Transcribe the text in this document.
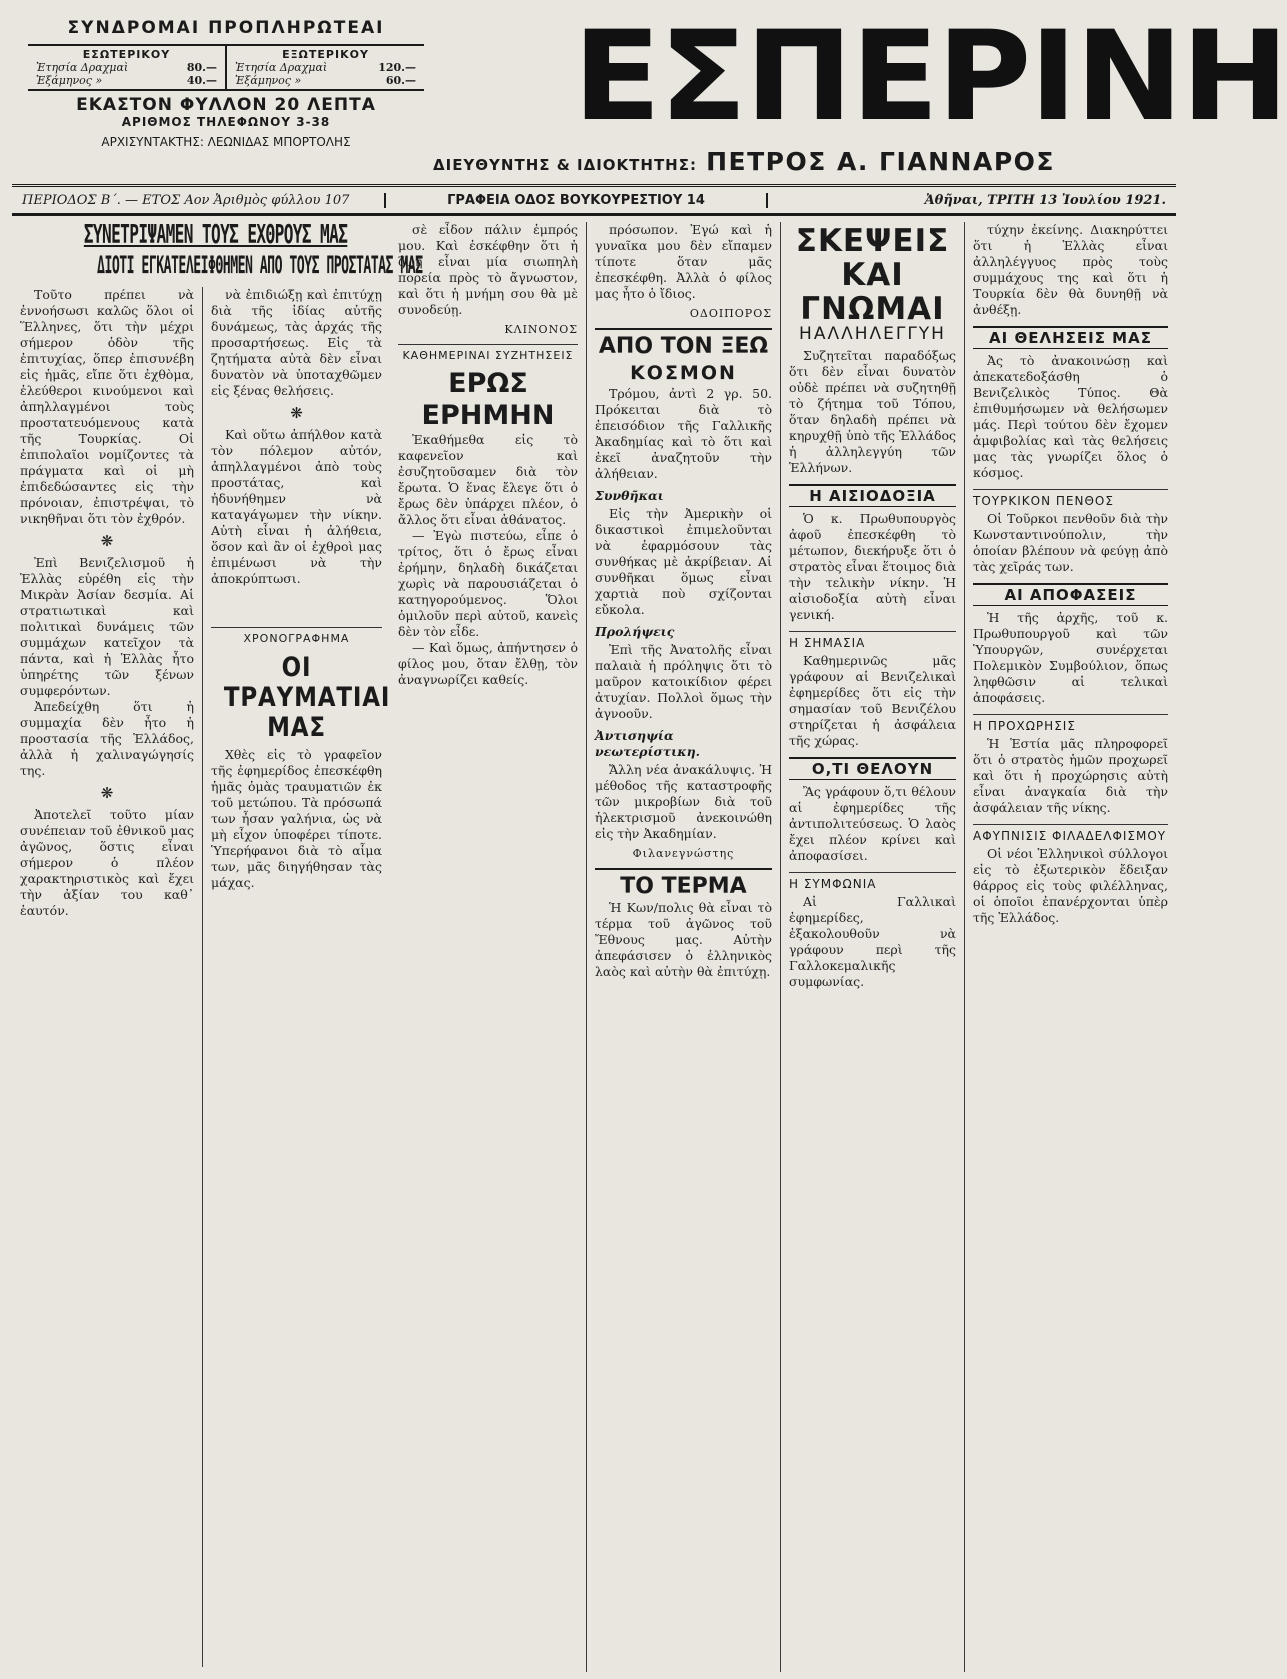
ΣΥΝΔΡΟΜΑΙ ΠΡΟΠΛΗΡΩΤΕΑΙ
ΕΣΩΤΕΡΙΚΟΥ
Ἐτησία Δραχμαὶ	80.—
Ἑξάμηνος »	40.—
ΕΞΩΤΕΡΙΚΟΥ
Ἐτησία Δραχμαὶ	120.—
Ἑξάμηνος »	60.—
ΕΚΑΣΤΟΝ ΦΥΛΛΟΝ 20 ΛΕΠΤΑ
ΑΡΙΘΜΟΣ ΤΗΛΕΦΩΝΟΥ 3-38
ΑΡΧΙΣΥΝΤΑΚΤΗΣ: ΛΕΩΝΙΔΑΣ ΜΠΟΡΤΟΛΗΣ	ΕΣΠΕΡΙΝΗ
ΔΙΕΥΘΥΝΤΗΣ & ΙΔΙΟΚΤΗΤΗΣ: ΠΕΤΡΟΣ Α. ΓΙΑΝΝΑΡΟΣ
ΠΕΡΙΟΔΟΣ Β΄. — ΕΤΟΣ Αον Ἀριθμὸς φύλλου 107	ΓΡΑΦΕΙΑ ΟΔΟΣ ΒΟΥΚΟΥΡΕΣΤΙΟΥ 14	Ἀθῆναι, ΤΡΙΤΗ 13 Ἰουλίου 1921.
ΣΥΝΕΤΡΙΨΑΜΕΝ ΤΟΥΣ ΕΧΘΡΟΥΣ ΜΑΣ
ΔΙΟΤΙ ΕΓΚΑΤΕΛΕΙΦΘΗΜΕΝ ΑΠΟ ΤΟΥΣ ΠΡΟΣΤΑΤΑΣ ΜΑΣ

Τοῦτο πρέπει νὰ ἐννοήσωσι καλῶς ὅλοι οἱ Ἕλληνες, ὅτι τὴν μέχρι σήμερον ὁδὸν τῆς ἐπιτυχίας, ὅπερ ἐπισυνέβη εἰς ἡμᾶς, εἴπε ὅτι ἐχθὸμα, ἐλεύθεροι κινούμενοι καὶ ἀπηλλαγμένοι τοὺς προστατευόμενους κατὰ τῆς Τουρκίας. Οἱ ἐπιπολαῖοι νομίζοντες τὰ πράγματα καὶ οἱ μὴ ἐπιδεδώσαντες εἰς τὴν πρόνοιαν, ἐπιστρέψαι, τὸ νικηθῆναι ὅτι τὸν ἐχθρόν.

❋

Ἐπὶ Βενιζελισμοῦ ἡ Ἑλλὰς εὑρέθη εἰς τὴν Μικρὰν Ἀσίαν δεσμία. Αἱ στρατιωτικαὶ καὶ πολιτικαὶ δυνάμεις τῶν συμμάχων κατεῖχον τὰ πάντα, καὶ ἡ Ἑλλὰς ἦτο ὑπηρέτης τῶν ξένων συμφερόντων.

Ἀπεδείχθη ὅτι ἡ συμμαχία δὲν ἦτο ἡ προστασία τῆς Ἑλλάδος, ἀλλὰ ἡ χαλιναγώγησίς της.

❋

Ἀποτελεῖ τοῦτο μίαν συνέπειαν τοῦ ἐθνικοῦ μας ἀγῶνος, ὅστις εἶναι σήμερον ὁ πλέον χαρακτηριστικὸς καὶ ἔχει τὴν ἀξίαν του καθ᾽ ἑαυτόν.

νὰ ἐπιδιώξῃ καὶ ἐπιτύχῃ διὰ τῆς ἰδίας αὐτῆς δυνάμεως, τὰς ἀρχάς τῆς προσαρτήσεως. Εἰς τὰ ζητήματα αὐτὰ δὲν εἶναι δυνατὸν νὰ ὑποταχθῶμεν εἰς ξένας θελήσεις.

❋

Καὶ οὕτω ἀπήλθον κατὰ τὸν πόλεμον αὐτόν, ἀπηλλαγμένοι ἀπὸ τοὺς προστάτας, καὶ ἠδυνήθημεν νὰ καταγάγωμεν τὴν νίκην. Αὐτὴ εἶναι ἡ ἀλήθεια, ὅσον καὶ ἂν οἱ ἐχθροὶ μας ἐπιμένωσι νὰ τὴν ἀποκρύπτωσι.

ΧΡΟΝΟΓΡΑΦΗΜΑ
ΟΙ ΤΡΑΥΜΑΤΙΑΙ ΜΑΣ

Χθὲς εἰς τὸ γραφεῖον τῆς ἐφημερίδος ἐπεσκέφθη ἡμᾶς ὁμὰς τραυματιῶν ἐκ τοῦ μετώπου. Τὰ πρόσωπά των ἦσαν γαλήνια, ὡς νὰ μὴ εἶχον ὑποφέρει τίποτε. Ὑπερήφανοι διὰ τὸ αἷμα των, μᾶς διηγήθησαν τὰς μάχας.

σὲ εἶδον πάλιν ἐμπρός μου. Καὶ ἐσκέφθην ὅτι ἡ ζωὴ εἶναι μία σιωπηλὴ πορεία πρὸς τὸ ἄγνωστον, καὶ ὅτι ἡ μνήμη σου θὰ μὲ συνοδεύῃ.

ΚΛΙΝΟΝΟΣ
ΚΑΘΗΜΕΡΙΝΑΙ ΣΥΖΗΤΗΣΕΙΣ
ΕΡΩΣ ΕΡΗΜΗΝ

Ἐκαθήμεθα εἰς τὸ καφενεῖον καὶ ἐσυζητοῦσαμεν διὰ τὸν ἔρωτα. Ὁ ἕνας ἔλεγε ὅτι ὁ ἔρως δὲν ὑπάρχει πλέον, ὁ ἄλλος ὅτι εἶναι ἀθάνατος.

— Ἐγὼ πιστεύω, εἶπε ὁ τρίτος, ὅτι ὁ ἔρως εἶναι ἐρήμην, δηλαδὴ δικάζεται χωρὶς νὰ παρουσιάζεται ὁ κατηγορούμενος. Ὅλοι ὁμιλοῦν περὶ αὐτοῦ, κανεὶς δὲν τὸν εἶδε.

— Καὶ ὅμως, ἀπήντησεν ὁ φίλος μου, ὅταν ἔλθῃ, τὸν ἀναγνωρίζει καθείς.

πρόσωπον. Ἐγώ καὶ ἡ γυναῖκα μου δὲν εἴπαμεν τίποτε ὅταν μᾶς ἐπεσκέφθη. Ἀλλὰ ὁ φίλος μας ἦτο ὁ ἴδιος.

ΟΔΟΙΠΟΡΟΣ
ΑΠΟ ΤΟΝ ΞΕΩ
ΚΟΣΜΟΝ

Τρόμου, ἀντὶ 2 γρ. 50. Πρόκειται διὰ τὸ ἐπεισόδιον τῆς Γαλλικῆς Ἀκαδημίας καὶ τὸ ὅτι καὶ ἐκεῖ ἀναζητοῦν τὴν ἀλήθειαν.

Συνθῆκαι

Εἰς τὴν Ἀμερικὴν οἱ δικαστικοὶ ἐπιμελοῦνται νὰ ἐφαρμόσουν τὰς συνθήκας μὲ ἀκρίβειαν. Αἱ συνθῆκαι ὅμως εἶναι χαρτιὰ ποὺ σχίζονται εὔκολα.

Προλήψεις

Ἐπὶ τῆς Ἀνατολῆς εἶναι παλαιὰ ἡ πρόληψις ὅτι τὸ μαῦρον κατοικίδιον φέρει ἀτυχίαν. Πολλοὶ ὅμως τὴν ἀγνοοῦν.

Ἀντισηψία νεωτερίστικη.

Ἄλλη νέα ἀνακάλυψις. Ἡ μέθοδος τῆς καταστροφῆς τῶν μικροβίων διὰ τοῦ ἡλεκτρισμοῦ ἀνεκοινώθη εἰς τὴν Ἀκαδημίαν.

Φιλανεγνώστης
ΤΟ ΤΕΡΜΑ

Ἡ Κων/πολις θὰ εἶναι τὸ τέρμα τοῦ ἀγῶνος τοῦ Ἔθνους μας. Αὐτὴν ἀπεφάσισεν ὁ ἑλληνικὸς λαὸς καὶ αὐτὴν θὰ ἐπιτύχῃ.

ΣΚΕΨΕΙΣ ΚΑΙ ΓΝΩΜΑΙ
ΗΑΛΛΗΛΕΓΓΥΗ

Συζητεῖται παραδόξως ὅτι δὲν εἶναι δυνατὸν οὐδὲ πρέπει νὰ συζητηθῇ τὸ ζήτημα τοῦ Τόπου, ὅταν δηλαδὴ πρέπει νὰ κηρυχθῇ ὑπὸ τῆς Ἑλλάδος ἡ ἀλληλεγγύη τῶν Ἑλλήνων.

Η ΑΙΣΙΟΔΟΞΙΑ

Ὁ κ. Πρωθυπουργὸς ἀφοῦ ἐπεσκέφθη τὸ μέτωπον, διεκήρυξε ὅτι ὁ στρατὸς εἶναι ἕτοιμος διὰ τὴν τελικὴν νίκην. Ἡ αἰσιοδοξία αὐτὴ εἶναι γενική.

Η ΣΗΜΑΣΙΑ

Καθημερινῶς μᾶς γράφουν αἱ Βενιζελικαὶ ἐφημερίδες ὅτι εἰς τὴν σημασίαν τοῦ Βενιζέλου στηρίζεται ἡ ἀσφάλεια τῆς χώρας.

Ο,ΤΙ ΘΕΛΟΥΝ

Ἂς γράφουν ὅ,τι θέλουν αἱ ἐφημερίδες τῆς ἀντιπολιτεύσεως. Ὁ λαὸς ἔχει πλέον κρίνει καὶ ἀποφασίσει.

Η ΣΥΜΦΩΝΙΑ

Αἱ Γαλλικαὶ ἐφημερίδες, ἐξακολουθοῦν νὰ γράφουν περὶ τῆς Γαλλοκεμαλικῆς συμφωνίας.

τύχην ἐκείνης. Διακηρύττει ὅτι ἡ Ἑλλὰς εἶναι ἀλληλέγγυος πρὸς τοὺς συμμάχους της καὶ ὅτι ἡ Τουρκία δὲν θὰ δυνηθῇ νὰ ἀνθέξῃ.

ΑΙ ΘΕΛΗΣΕΙΣ ΜΑΣ

Ἀς τὸ ἀνακοινώσῃ καὶ ἀπεκατεδοξάσθη ὁ Βενιζελικὸς Τύπος. Θὰ ἐπιθυμήσωμεν νὰ θελήσωμεν μάς. Περὶ τούτου δὲν ἔχομεν ἀμφιβολίας καὶ τὰς θελήσεις μας τὰς γνωρίζει ὅλος ὁ κόσμος.

ΤΟΥΡΚΙΚΟΝ ΠΕΝΘΟΣ

Οἱ Τοῦρκοι πενθοῦν διὰ τὴν Κωνσταντινούπολιν, τὴν ὁποίαν βλέπουν νὰ φεύγῃ ἀπὸ τὰς χεῖράς των.

ΑΙ ΑΠΟΦΑΣΕΙΣ

Ἡ τῆς ἀρχῆς, τοῦ κ. Πρωθυπουργοῦ καὶ τῶν Ὑπουργῶν, συνέρχεται Πολεμικὸν Συμβούλιον, ὅπως ληφθῶσιν αἱ τελικαὶ ἀποφάσεις.

Η ΠΡΟΧΩΡΗΣΙΣ

Ἡ Ἑστία μᾶς πληροφορεῖ ὅτι ὁ στρατὸς ἡμῶν προχωρεῖ καὶ ὅτι ἡ προχώρησις αὐτὴ εἶναι ἀναγκαία διὰ τὴν ἀσφάλειαν τῆς νίκης.

ΑΦΥΠΝΙΣΙΣ ΦΙΛΑΔΕΛΦΙΣΜΟΥ

Οἱ νέοι Ἑλληνικοὶ σύλλογοι εἰς τὸ ἐξωτερικὸν ἔδειξαν θάρρος εἰς τοὺς φιλέλληνας, οἱ ὁποῖοι ἐπανέρχονται ὑπὲρ τῆς Ἑλλάδος.
